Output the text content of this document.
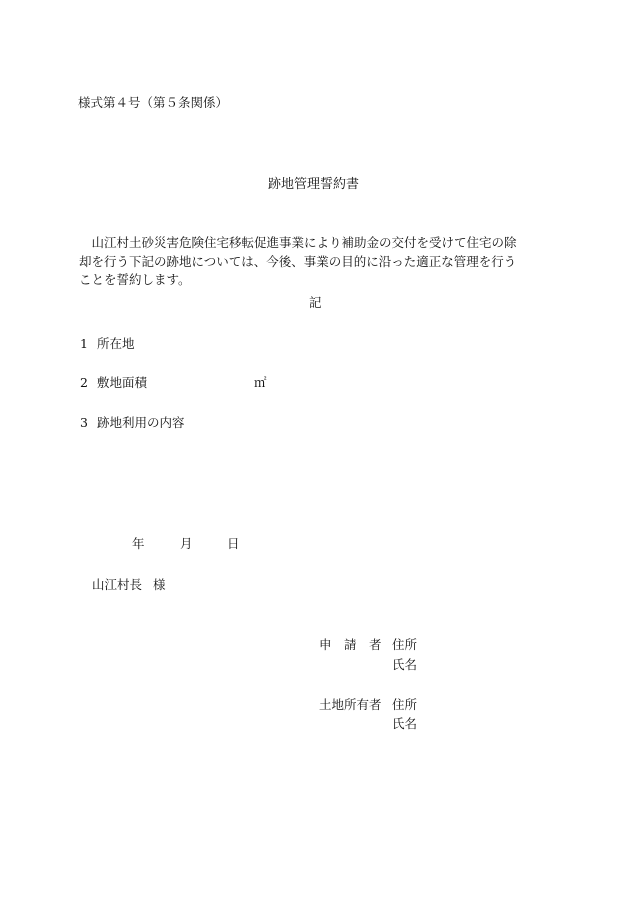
様式第４号（第５条関係）
跡地管理誓約書
　山江村土砂災害危険住宅移転促進事業により補助金の交付を受けて住宅の除
却を行う下記の跡地については、今後、事業の目的に沿った適正な管理を行う
ことを誓約します。
記
1 所在地
2 敷地面積	㎡
3 跡地利用の内容
年	月	日
山江村長 様
申　請　者 住所
氏名
土地所有者 住所
氏名
